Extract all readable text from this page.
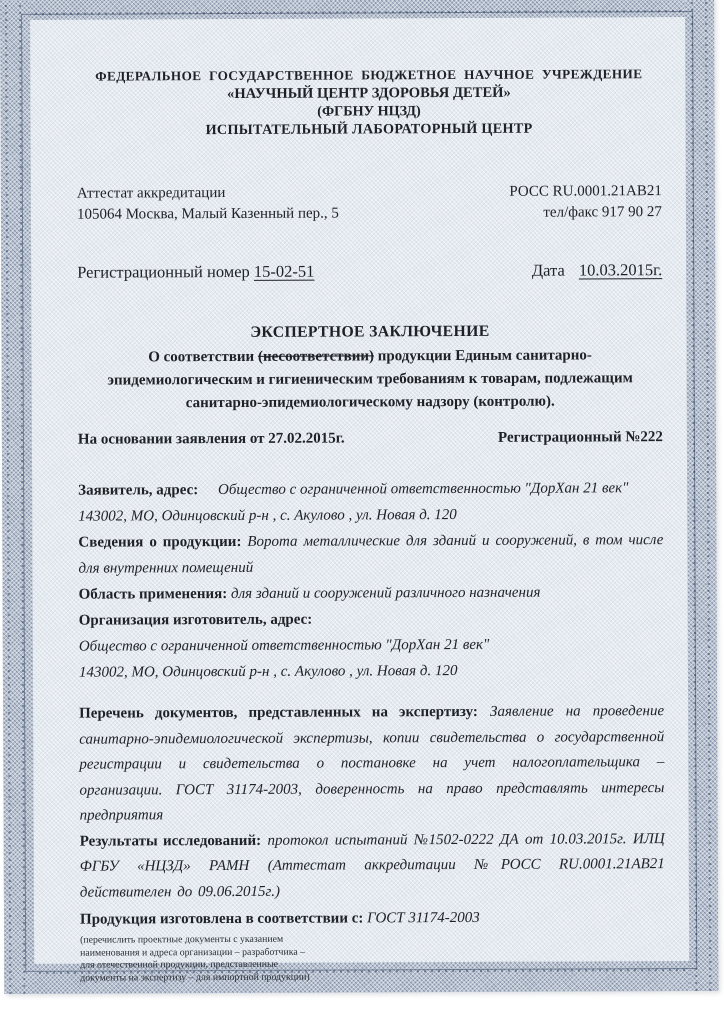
ФЕДЕРАЛЬНОЕ ГОСУДАРСТВЕННОЕ БЮДЖЕТНОЕ НАУЧНОЕ УЧРЕЖДЕНИЕ
«НАУЧНЫЙ ЦЕНТР ЗДОРОВЬЯ ДЕТЕЙ»
(ФГБНУ НЦЗД)
ИСПЫТАТЕЛЬНЫЙ ЛАБОРАТОРНЫЙ ЦЕНТР
Аттестат аккредитации
105064 Москва, Малый Казенный пер., 5
РОСС RU.0001.21АВ21
тел/факс 917 90 27
Регистрационный номер 15-02-51	Дата 10.03.2015г.
ЭКСПЕРТНОЕ ЗАКЛЮЧЕНИЕ
О соответствии (несоответствии) продукции Единым санитарно-эпидемиологическим и гигиеническим требованиям к товарам, подлежащим санитарно-эпидемиологическому надзору (контролю).
На основании заявления от 27.02.2015г.	Регистрационный №222

Заявитель, адрес: Общество с ограниченной ответственностью "ДорХан 21 век"

143002, МО, Одинцовский р-н , с. Акулово , ул. Новая д. 120

Сведения о продукции: Ворота металлические для зданий и сооружений, в том числе для внутренних помещений

Область применения: для зданий и сооружений различного назначения

Организация изготовитель, адрес:

Общество с ограниченной ответственностью "ДорХан 21 век"

143002, МО, Одинцовский р-н , с. Акулово , ул. Новая д. 120

Перечень документов, представленных на экспертизу: Заявление на проведение санитарно-эпидемиологической экспертизы, копии свидетельства о государственной регистрации и свидетельства о постановке на учет налогоплательщика – организации. ГОСТ 31174-2003, доверенность на право представлять интересы предприятия

Результаты исследований: протокол испытаний №1502-0222 ДА от 10.03.2015г. ИЛЦ ФГБУ «НЦЗД» РАМН (Аттестат аккредитации №РОСС RU.0001.21АВ21 действителен до 09.06.2015г.)

Продукция изготовлена в соответствии с: ГОСТ 31174-2003

(перечислить проектные документы с указанием
наименования и адреса организации – разработчика –
для отечественной продукции, представленные
документы на экспертизу – для импортной продукции)
